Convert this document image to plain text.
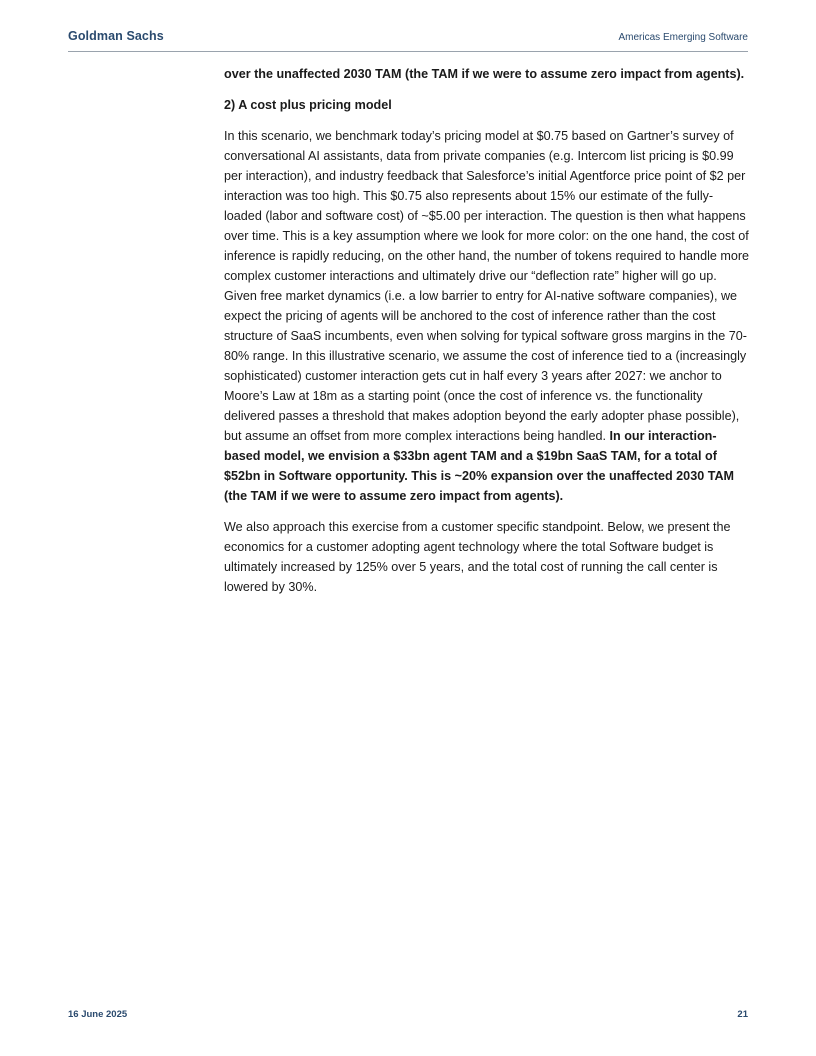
Goldman Sachs	Americas Emerging Software

over the unaffected 2030 TAM (the TAM if we were to assume zero impact from agents).

2) A cost plus pricing model

In this scenario, we benchmark today’s pricing model at $0.75 based on Gartner’s survey of conversational AI assistants, data from private companies (e.g. Intercom list pricing is $0.99 per interaction), and industry feedback that Salesforce’s initial Agentforce price point of $2 per interaction was too high. This $0.75 also represents about 15% our estimate of the fully-loaded (labor and software cost) of ~$5.00 per interaction. The question is then what happens over time. This is a key assumption where we look for more color: on the one hand, the cost of inference is rapidly reducing, on the other hand, the number of tokens required to handle more complex customer interactions and ultimately drive our “deflection rate” higher will go up. Given free market dynamics (i.e. a low barrier to entry for AI-native software companies), we expect the pricing of agents will be anchored to the cost of inference rather than the cost structure of SaaS incumbents, even when solving for typical software gross margins in the 70-80% range. In this illustrative scenario, we assume the cost of inference tied to a (increasingly sophisticated) customer interaction gets cut in half every 3 years after 2027: we anchor to Moore’s Law at 18m as a starting point (once the cost of inference vs. the functionality delivered passes a threshold that makes adoption beyond the early adopter phase possible), but assume an offset from more complex interactions being handled. In our interaction-based model, we envision a $33bn agent TAM and a $19bn SaaS TAM, for a total of $52bn in Software opportunity. This is ~20% expansion over the unaffected 2030 TAM (the TAM if we were to assume zero impact from agents).

We also approach this exercise from a customer specific standpoint. Below, we present the economics for a customer adopting agent technology where the total Software budget is ultimately increased by 125% over 5 years, and the total cost of running the call center is lowered by 30%.

16 June 2025	21
